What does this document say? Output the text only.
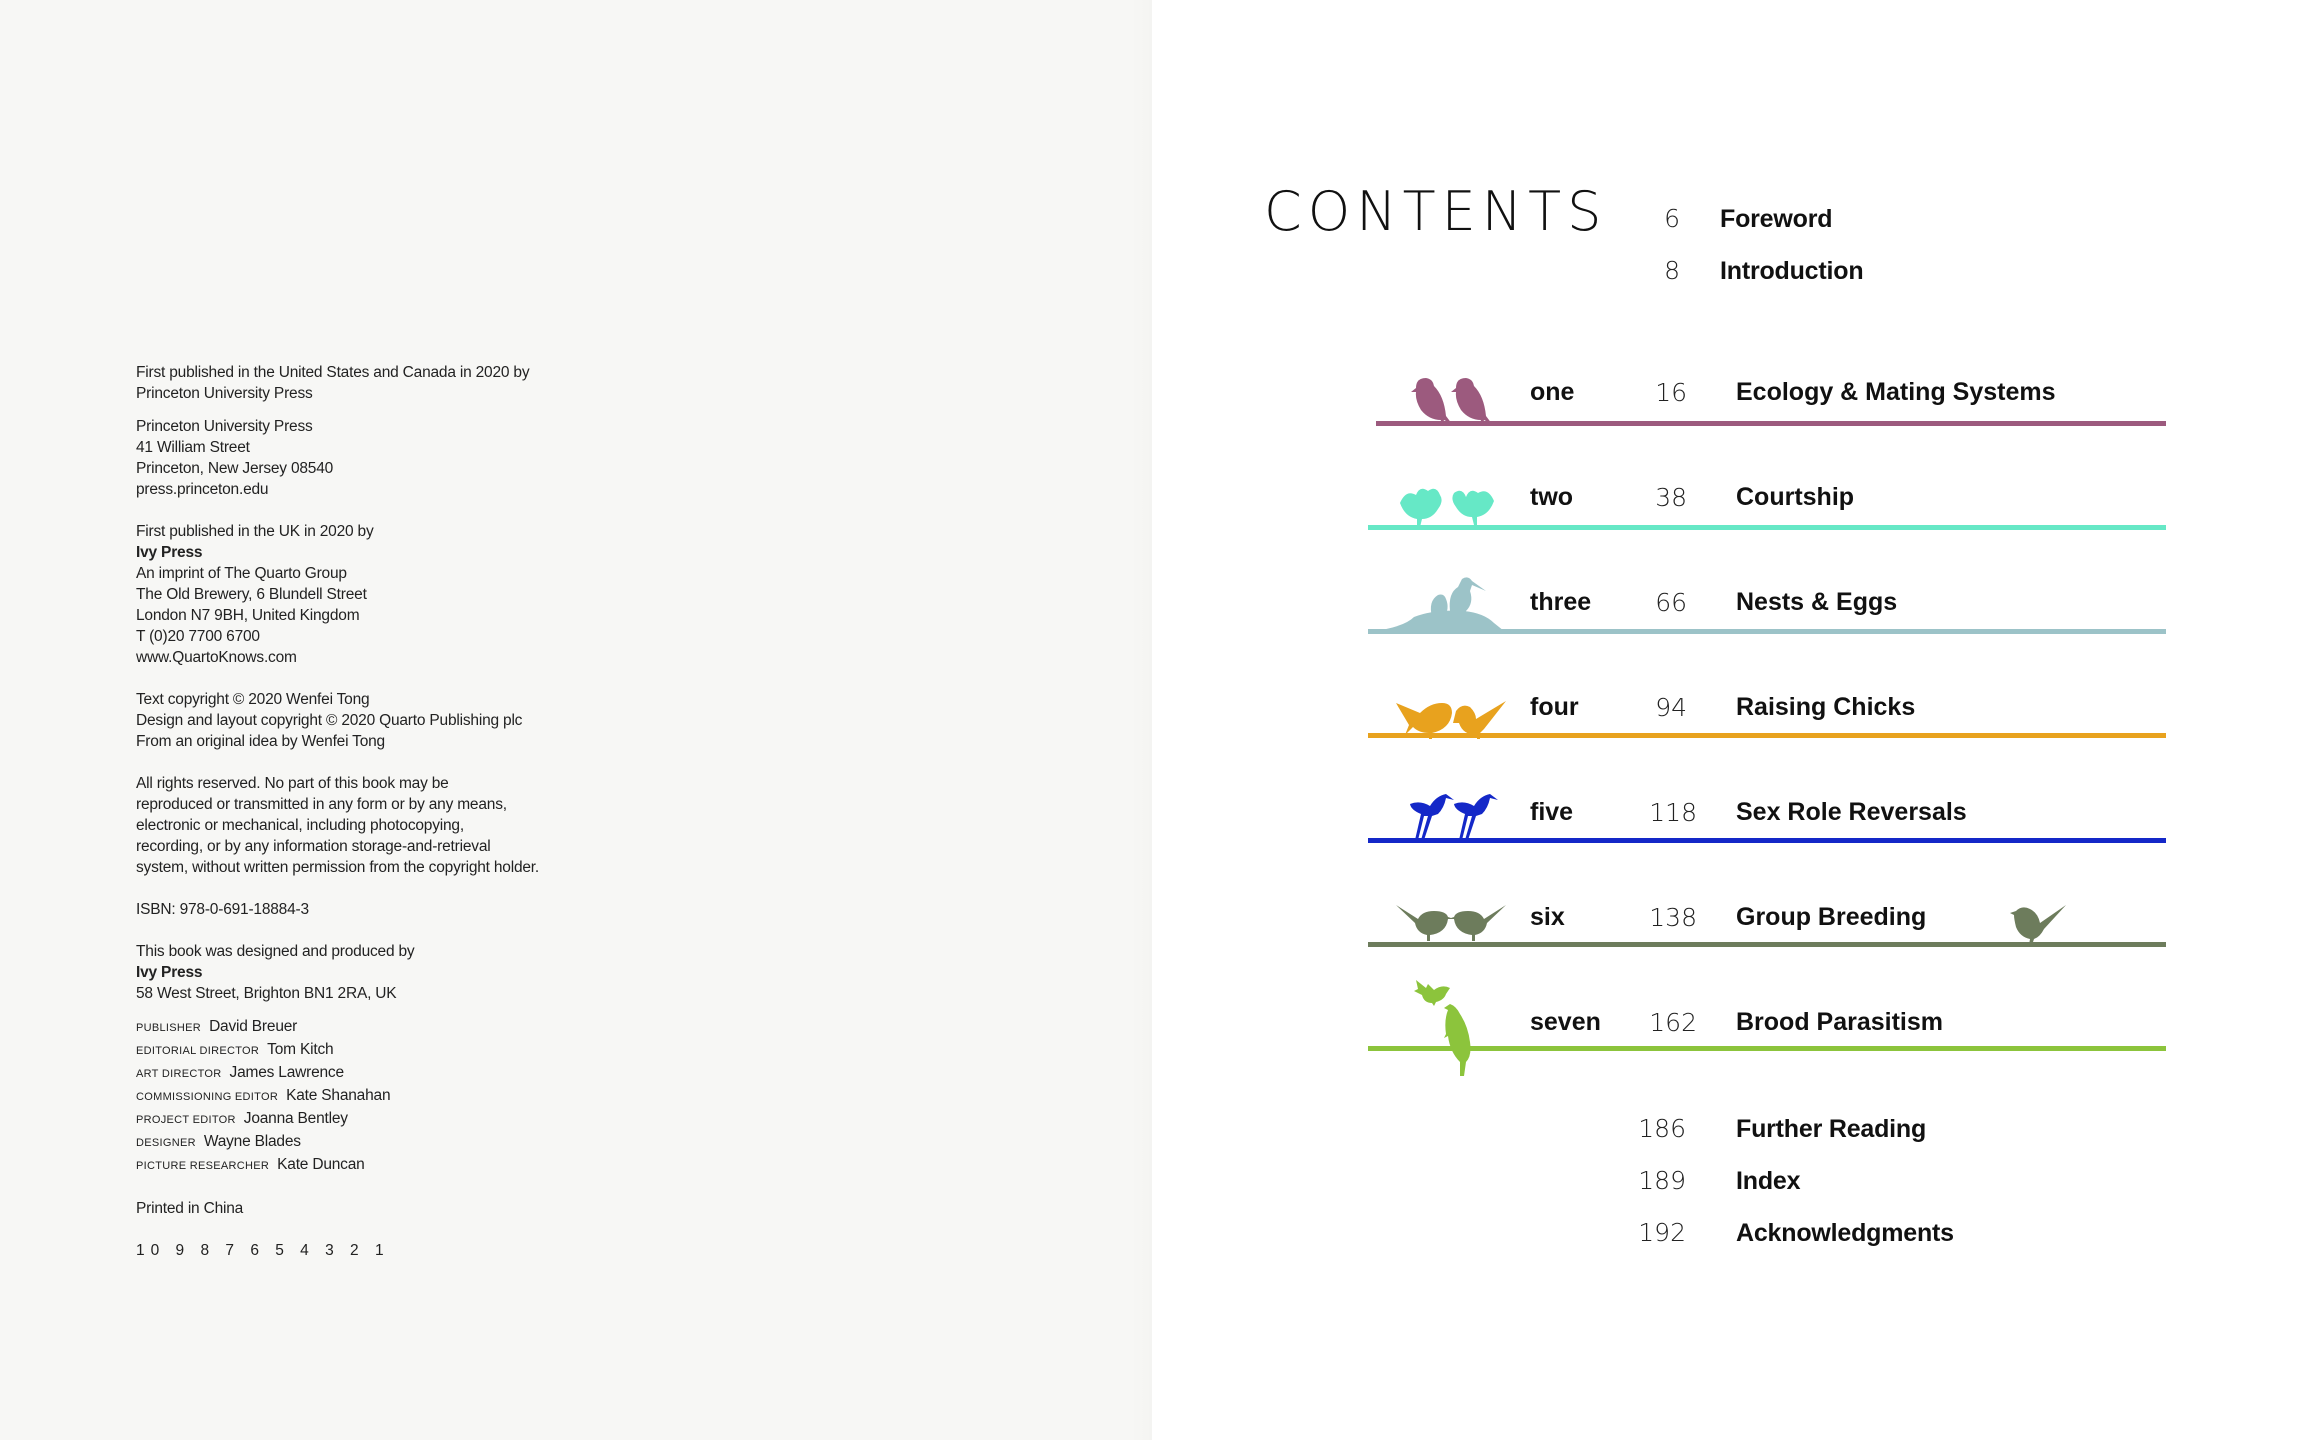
First published in the United States and Canada in 2020 by
Princeton University Press
Princeton University Press
41 William Street
Princeton, New Jersey 08540
press.princeton.edu
First published in the UK in 2020 by
Ivy Press
An imprint of The Quarto Group
The Old Brewery, 6 Blundell Street
London N7 9BH, United Kingdom
T (0)20 7700 6700
www.QuartoKnows.com
Text copyright © 2020 Wenfei Tong
Design and layout copyright © 2020 Quarto Publishing plc
From an original idea by Wenfei Tong
All rights reserved. No part of this book may be
reproduced or transmitted in any form or by any means,
electronic or mechanical, including photocopying,
recording, or by any information storage-and-retrieval
system, without written permission from the copyright holder.
ISBN: 978-0-691-18884-3
This book was designed and produced by
Ivy Press
58 West Street, Brighton BN1 2RA, UK
PUBLISHER David Breuer
EDITORIAL DIRECTOR Tom Kitch
ART DIRECTOR James Lawrence
COMMISSIONING EDITOR Kate Shanahan
PROJECT EDITOR Joanna Bentley
DESIGNER Wayne Blades
PICTURE RESEARCHER Kate Duncan
Printed in China
10 9 8 7 6 5 4 3 2 1
CONTENTS	6 Foreword
8 Introduction
one	16 Ecology & Mating Systems
two	38 Courtship
three	66 Nests & Eggs
four	94 Raising Chicks
five	118 Sex Role Reversals
six	138 Group Breeding
seven	162 Brood Parasitism
186 Further Reading
189 Index
192 Acknowledgments
